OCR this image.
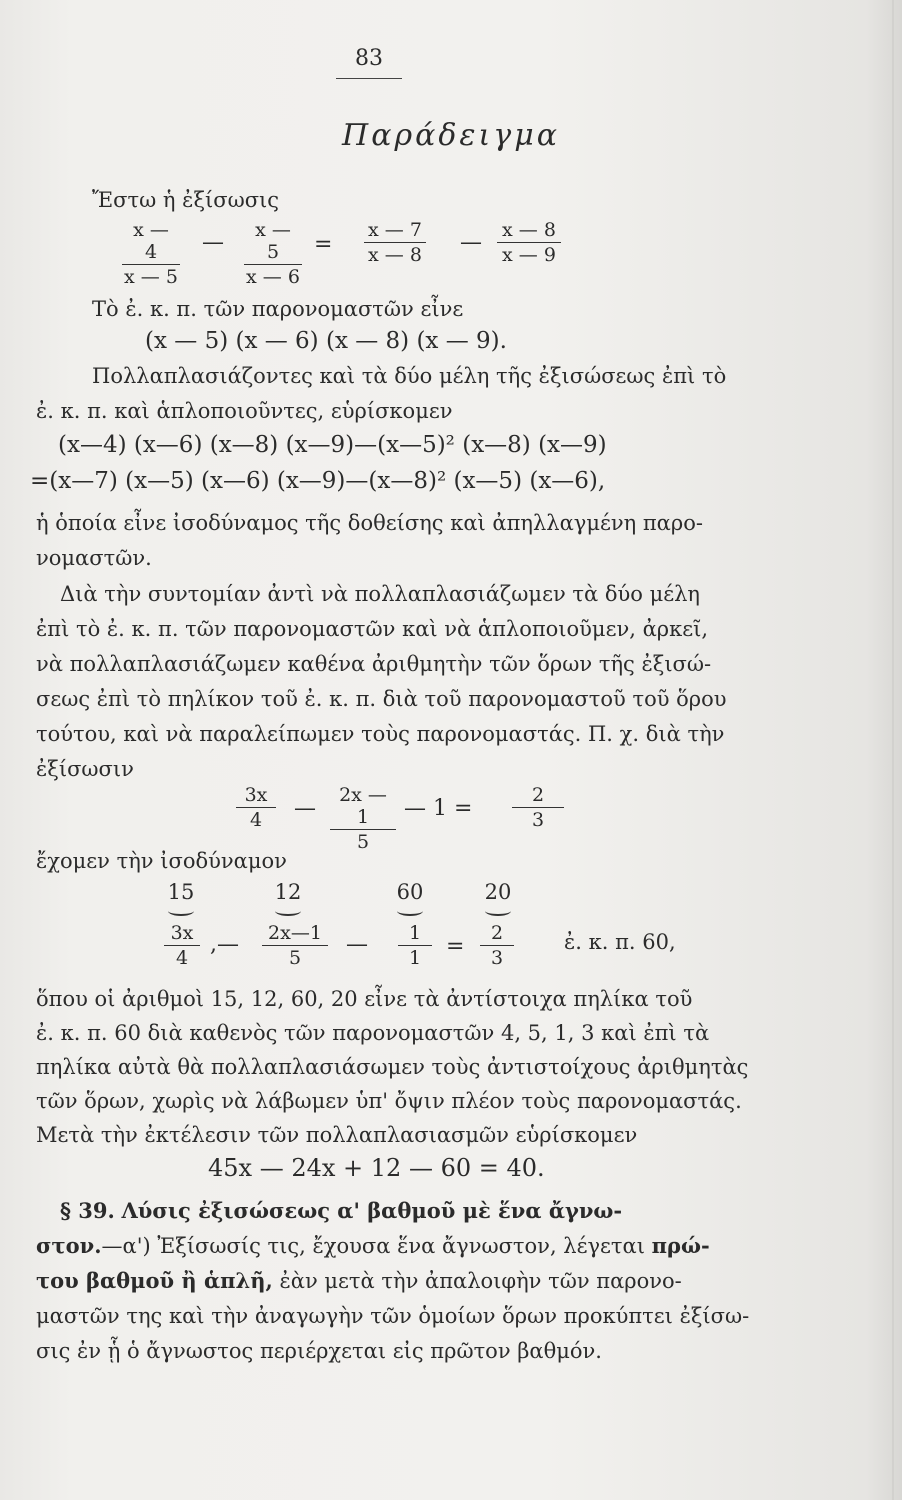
83
Παράδειγμα
Ἔστω ἡ ἐξίσωσις
$\frac{x — 4}{x — 5}$ — $\frac{x — 5}{x — 6} = \frac{x — 7}{x — 8}$ — $\frac{x — 8}{x — 9}$
Τὸ ἐ. κ. π. τῶν παρονομαστῶν εἶνε
(x — 5) (x — 6) (x — 8) (x — 9).
Πολλαπλασιάζοντες καὶ τὰ δύο μέλη τῆς ἐξισώσεως ἐπὶ τὸ
ἐ. κ. π. καὶ ἁπλοποιοῦντες, εὑρίσκομεν
(x—4) (x—6) (x—8) (x—9)—(x—5)² (x—8) (x—9)
=(x—7) (x—5) (x—6) (x—9)—(x—8)² (x—5) (x—6),
ἡ ὁποία εἶνε ἰσοδύναμος τῆς δοθείσης καὶ ἀπηλλαγμένη παρο-
νομαστῶν.
Διὰ τὴν συντομίαν ἀντὶ νὰ πολλαπλασιάζωμεν τὰ δύο μέλη
ἐπὶ τὸ ἐ. κ. π. τῶν παρονομαστῶν καὶ νὰ ἁπλοποιοῦμεν, ἀρκεῖ,
νὰ πολλαπλασιάζωμεν καθένα ἀριθμητὴν τῶν ὅρων τῆς ἐξισώ-
σεως ἐπὶ τὸ πηλίκον τοῦ ἐ. κ. π. διὰ τοῦ παρονομαστοῦ τοῦ ὅρου
τούτου, καὶ νὰ παραλείπωμεν τοὺς παρονομαστάς. Π. χ. διὰ τὴν
ἐξίσωσιν
$\frac{3x}{4}$ — $\frac{2x — 1}{5}$ — $1 = \frac{2}{3}$
ἔχομεν τὴν ἰσοδύναμον
15	12	60	20
$\frac{3x}{4}$ ,— $\frac{2x—1}{5}$ — $\frac{1}{1} = \frac{2}{3}$ ἐ. κ. π. 60,
ὅπου οἱ ἀριθμοὶ 15, 12, 60, 20 εἶνε τὰ ἀντίστοιχα πηλίκα τοῦ
ἐ. κ. π. 60 διὰ καθενὸς τῶν παρονομαστῶν 4, 5, 1, 3 καὶ ἐπὶ τὰ
πηλίκα αὐτὰ θὰ πολλαπλασιάσωμεν τοὺς ἀντιστοίχους ἀριθμητὰς
τῶν ὅρων, χωρὶς νὰ λάβωμεν ὑπ' ὄψιν πλέον τοὺς παρονομαστάς.
Μετὰ τὴν ἐκτέλεσιν τῶν πολλαπλασιασμῶν εὑρίσκομεν
45x — 24x + 12 — 60 = 40.
§ 39. Λύσις ἐξισώσεως α' βαθμοῦ μὲ ἕνα ἄγνω-
στον.—α') Ἐξίσωσίς τις, ἔχουσα ἕνα ἄγνωστον, λέγεται πρώ-
του βαθμοῦ ἢ ἁπλῆ, ἐὰν μετὰ τὴν ἀπαλοιφὴν τῶν παρονο-
μαστῶν της καὶ τὴν ἀναγωγὴν τῶν ὁμοίων ὅρων προκύπτει ἐξίσω-
σις ἐν ᾗ ὁ ἄγνωστος περιέρχεται εἰς πρῶτον βαθμόν.
